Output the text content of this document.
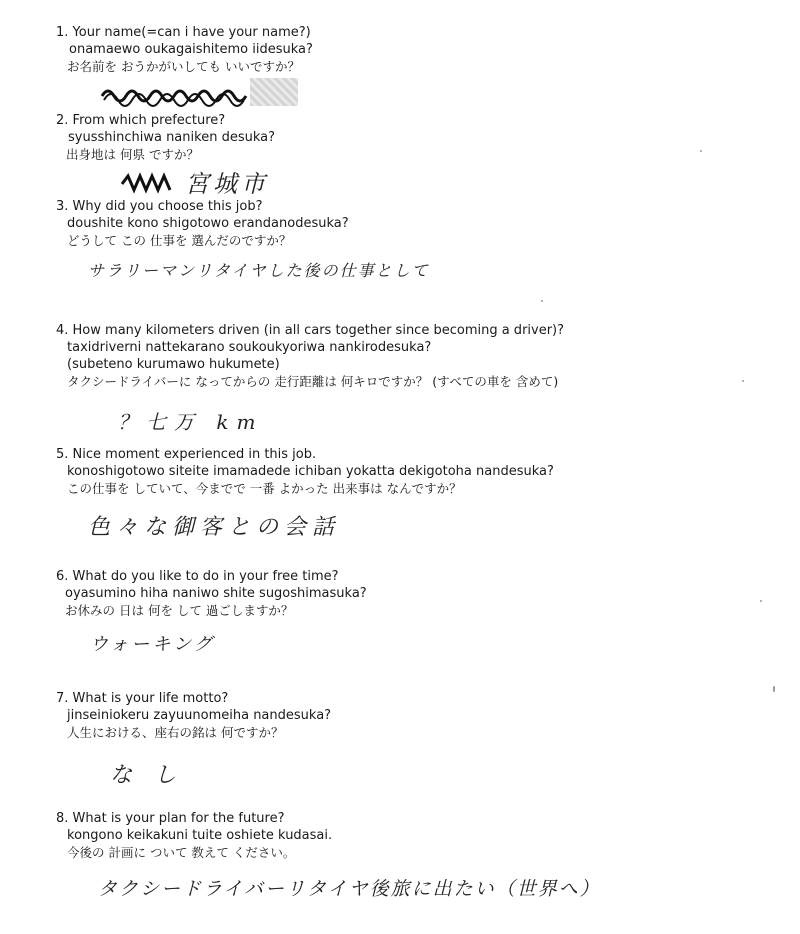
1. Your name(=can i have your name?)
onamaewo oukagaishitemo iidesuka?
お名前を おうかがいしても いいですか？
2. From which prefecture?
syusshinchiwa naniken desuka?
出身地は 何県 ですか？
宮城市
3. Why did you choose this job?
doushite kono shigotowo erandanodesuka?
どうして この 仕事を 選んだのですか？
サラリーマンリタイヤした後の仕事として
4. How many kilometers driven (in all cars together since becoming a driver)?
taxidriverni nattekarano soukoukyoriwa nankirodesuka?
(subeteno kurumawo hukumete)
タクシードライバーに なってからの 走行距離は 何キロですか？ (すべての車を 含めて)
？七万 km
5. Nice moment experienced in this job.
konoshigotowo siteite imamadede ichiban yokatta dekigotoha nandesuka?
この仕事を していて、今までで 一番 よかった 出来事は なんですか？
色々な御客との会話
6. What do you like to do in your free time?
oyasumino hiha naniwo shite sugoshimasuka?
お休みの 日は 何を して 過ごしますか？
ウォーキング
7. What is your life motto?
jinseiniokeru zayuunomeiha nandesuka?
人生における、座右の銘は 何ですか？
なし
8. What is your plan for the future?
kongono keikakuni tuite oshiete kudasai.
今後の 計画に ついて 教えて ください。
タクシードライバーリタイヤ後旅に出たい（世界へ）
